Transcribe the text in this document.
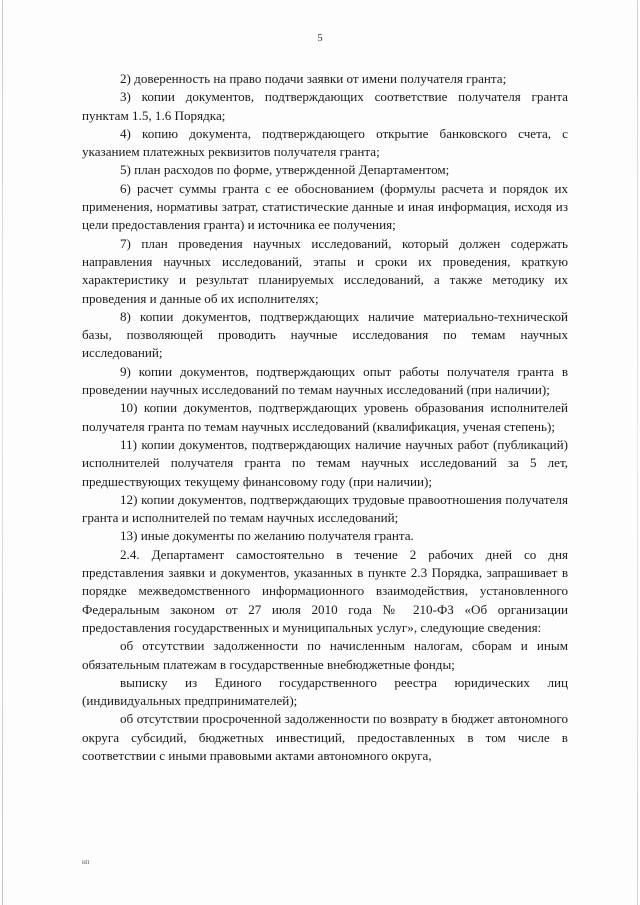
5

2) доверенность на право подачи заявки от имени получателя гранта;

3) копии документов, подтверждающих соответствие получателя гранта пунктам 1.5, 1.6 Порядка;

4) копию документа, подтверждающего открытие банковского счета, с указанием платежных реквизитов получателя гранта;

5) план расходов по форме, утвержденной Департаментом;

6) расчет суммы гранта с ее обоснованием (формулы расчета и порядок их применения, нормативы затрат, статистические данные и иная информация, исходя из цели предоставления гранта) и источника ее получения;

7) план проведения научных исследований, который должен содержать направления научных исследований, этапы и сроки их проведения, краткую характеристику и результат планируемых исследований, а также методику их проведения и данные об их исполнителях;

8) копии документов, подтверждающих наличие материально-технической базы, позволяющей проводить научные исследования по темам научных исследований;

9) копии документов, подтверждающих опыт работы получателя гранта в проведении научных исследований по темам научных исследований (при наличии);

10) копии документов, подтверждающих уровень образования исполнителей получателя гранта по темам научных исследований (квалификация, ученая степень);

11) копии документов, подтверждающих наличие научных работ (публикаций) исполнителей получателя гранта по темам научных исследований за 5 лет, предшествующих текущему финансовому году (при наличии);

12) копии документов, подтверждающих трудовые правоотношения получателя гранта и исполнителей по темам научных исследований;

13) иные документы по желанию получателя гранта.

2.4. Департамент самостоятельно в течение 2 рабочих дней со дня представления заявки и документов, указанных в пункте 2.3 Порядка, запрашивает в порядке межведомственного информационного взаимодействия, установленного Федеральным законом от 27 июля 2010 года № 210-ФЗ «Об организации предоставления государственных и муниципальных услуг», следующие сведения:

об отсутствии задолженности по начисленным налогам, сборам и иным обязательным платежам в государственные внебюджетные фонды;

выписку из Единого государственного реестра юридических лиц (индивидуальных предпринимателей);

об отсутствии просроченной задолженности по возврату в бюджет автономного округа субсидий, бюджетных инвестиций, предоставленных в том числе в соответствии с иными правовыми актами автономного округа,

нп
